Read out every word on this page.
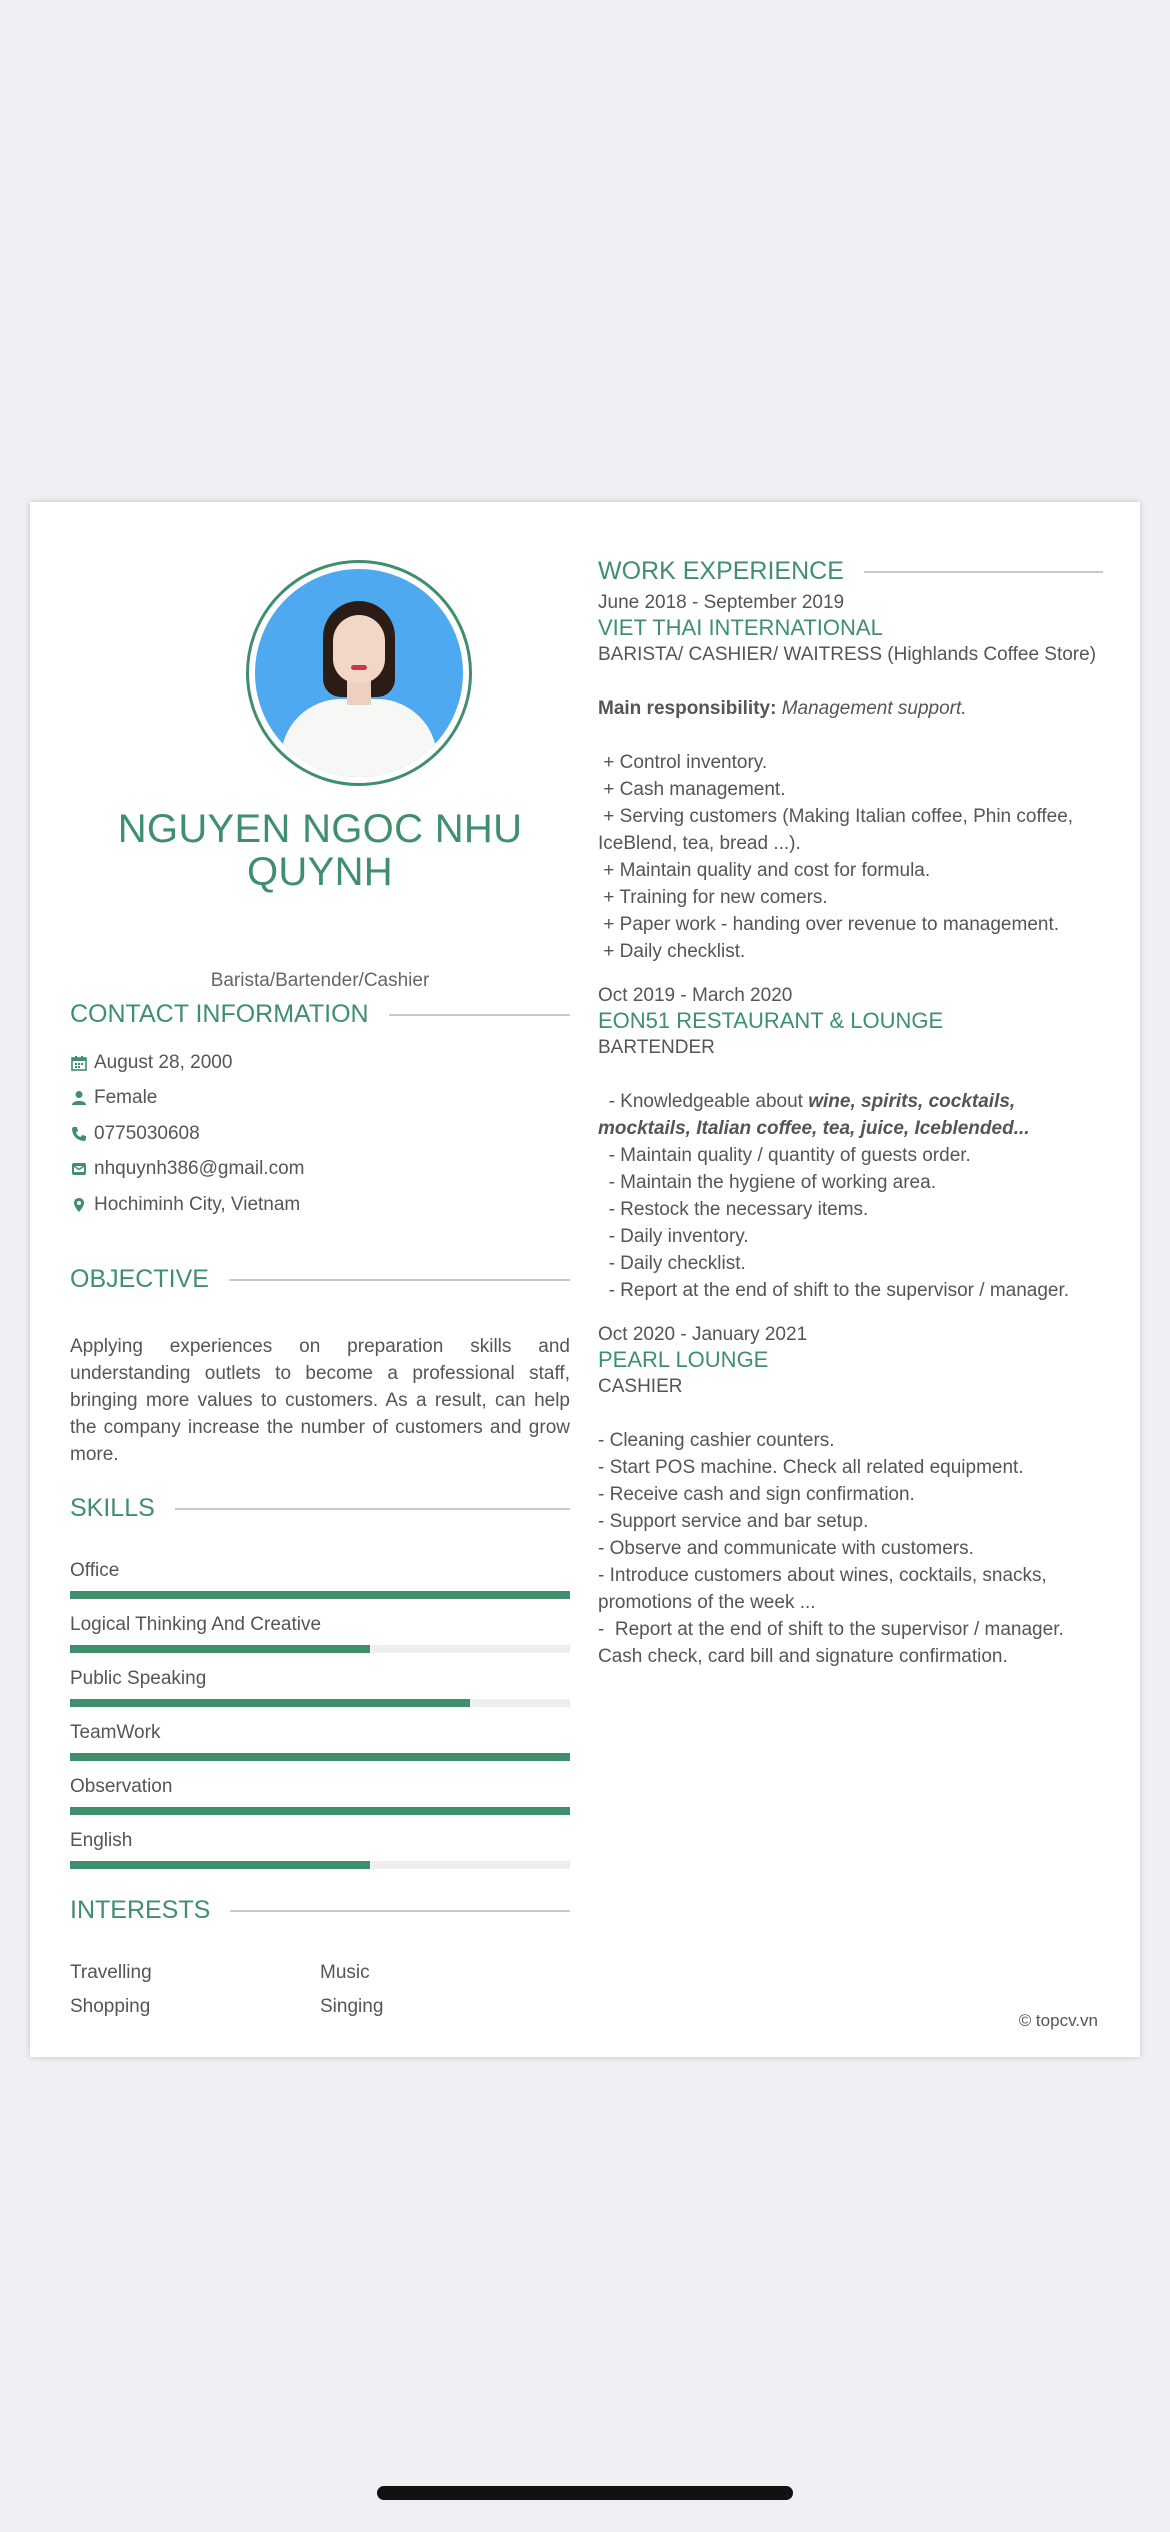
NGUYEN NGOC NHU
QUYNH
Barista/Bartender/Cashier
CONTACT INFORMATION
August 28, 2000
Female
0775030608
nhquynh386@gmail.com
Hochiminh City, Vietnam
OBJECTIVE
Applying experiences on preparation skills and understanding outlets to become a professional staff, bringing more values to customers. As a result, can help the company increase the number of customers and grow more.
SKILLS
Office
Logical Thinking And Creative
Public Speaking
TeamWork
Observation
English
INTERESTS
Travelling	Music
Shopping	Singing
WORK EXPERIENCE
June 2018 - September 2019
VIET THAI INTERNATIONAL
BARISTA/ CASHIER/ WAITRESS (Highlands Coffee Store)
Main responsibility: Management support.
+ Control inventory.
+ Cash management.
+ Serving customers (Making Italian coffee, Phin coffee, IceBlend, tea, bread ...).
+ Maintain quality and cost for formula.
+ Training for new comers.
+ Paper work - handing over revenue to management.
+ Daily checklist.
Oct 2019 - March 2020
EON51 RESTAURANT & LOUNGE
BARTENDER
- Knowledgeable about wine, spirits, cocktails, mocktails, Italian coffee, tea, juice, Iceblended...
- Maintain quality / quantity of guests order.
- Maintain the hygiene of working area.
- Restock the necessary items.
- Daily inventory.
- Daily checklist.
- Report at the end of shift to the supervisor / manager.
Oct 2020 - January 2021
PEARL LOUNGE
CASHIER
- Cleaning cashier counters.
- Start POS machine. Check all related equipment.
- Receive cash and sign confirmation.
- Support service and bar setup.
- Observe and communicate with customers.
- Introduce customers about wines, cocktails, snacks, promotions of the week ...
-  Report at the end of shift to the supervisor / manager. Cash check, card bill and signature confirmation.
© topcv.vn
